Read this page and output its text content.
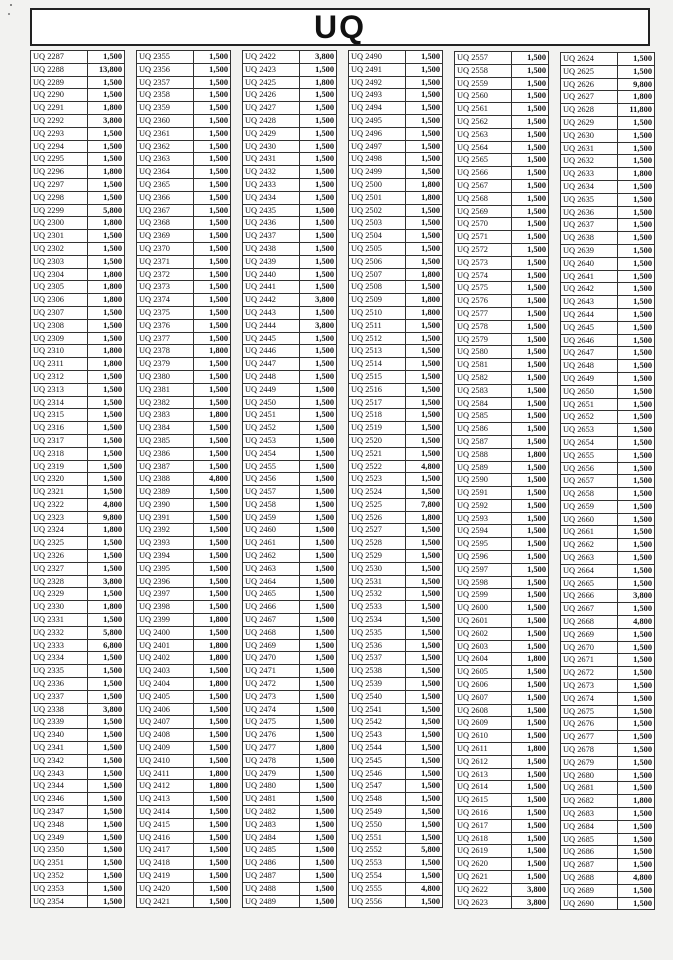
UQ
UQ 2287	1,500
UQ 2288	13,800
UQ 2289	1,500
UQ 2290	1,500
UQ 2291	1,800
UQ 2292	3,800
UQ 2293	1,500
UQ 2294	1,500
UQ 2295	1,500
UQ 2296	1,800
UQ 2297	1,500
UQ 2298	1,500
UQ 2299	5,800
UQ 2300	1,800
UQ 2301	1,500
UQ 2302	1,500
UQ 2303	1,500
UQ 2304	1,800
UQ 2305	1,800
UQ 2306	1,800
UQ 2307	1,500
UQ 2308	1,500
UQ 2309	1,500
UQ 2310	1,800
UQ 2311	1,800
UQ 2312	1,500
UQ 2313	1,500
UQ 2314	1,500
UQ 2315	1,500
UQ 2316	1,500
UQ 2317	1,500
UQ 2318	1,500
UQ 2319	1,500
UQ 2320	1,500
UQ 2321	1,500
UQ 2322	4,800
UQ 2323	9,800
UQ 2324	1,800
UQ 2325	1,500
UQ 2326	1,500
UQ 2327	1,500
UQ 2328	3,800
UQ 2329	1,500
UQ 2330	1,800
UQ 2331	1,500
UQ 2332	5,800
UQ 2333	6,800
UQ 2334	1,500
UQ 2335	1,500
UQ 2336	1,500
UQ 2337	1,500
UQ 2338	3,800
UQ 2339	1,500
UQ 2340	1,500
UQ 2341	1,500
UQ 2342	1,500
UQ 2343	1,500
UQ 2344	1,500
UQ 2346	1,500
UQ 2347	1,500
UQ 2348	1,500
UQ 2349	1,500
UQ 2350	1,500
UQ 2351	1,500
UQ 2352	1,500
UQ 2353	1,500
UQ 2354	1,500
UQ 2355	1,500
UQ 2356	1,500
UQ 2357	1,500
UQ 2358	1,500
UQ 2359	1,500
UQ 2360	1,500
UQ 2361	1,500
UQ 2362	1,500
UQ 2363	1,500
UQ 2364	1,500
UQ 2365	1,500
UQ 2366	1,500
UQ 2367	1,500
UQ 2368	1,500
UQ 2369	1,500
UQ 2370	1,500
UQ 2371	1,500
UQ 2372	1,500
UQ 2373	1,500
UQ 2374	1,500
UQ 2375	1,500
UQ 2376	1,500
UQ 2377	1,500
UQ 2378	1,800
UQ 2379	1,500
UQ 2380	1,500
UQ 2381	1,500
UQ 2382	1,500
UQ 2383	1,800
UQ 2384	1,500
UQ 2385	1,500
UQ 2386	1,500
UQ 2387	1,500
UQ 2388	4,800
UQ 2389	1,500
UQ 2390	1,500
UQ 2391	1,500
UQ 2392	1,500
UQ 2393	1,500
UQ 2394	1,500
UQ 2395	1,500
UQ 2396	1,500
UQ 2397	1,500
UQ 2398	1,500
UQ 2399	1,800
UQ 2400	1,500
UQ 2401	1,800
UQ 2402	1,800
UQ 2403	1,500
UQ 2404	1,800
UQ 2405	1,500
UQ 2406	1,500
UQ 2407	1,500
UQ 2408	1,500
UQ 2409	1,500
UQ 2410	1,500
UQ 2411	1,800
UQ 2412	1,800
UQ 2413	1,500
UQ 2414	1,500
UQ 2415	1,500
UQ 2416	1,500
UQ 2417	1,500
UQ 2418	1,500
UQ 2419	1,500
UQ 2420	1,500
UQ 2421	1,500
UQ 2422	3,800
UQ 2423	1,500
UQ 2425	1,800
UQ 2426	1,500
UQ 2427	1,500
UQ 2428	1,500
UQ 2429	1,500
UQ 2430	1,500
UQ 2431	1,500
UQ 2432	1,500
UQ 2433	1,500
UQ 2434	1,500
UQ 2435	1,500
UQ 2436	1,500
UQ 2437	1,500
UQ 2438	1,500
UQ 2439	1,500
UQ 2440	1,500
UQ 2441	1,500
UQ 2442	3,800
UQ 2443	1,500
UQ 2444	3,800
UQ 2445	1,500
UQ 2446	1,500
UQ 2447	1,500
UQ 2448	1,500
UQ 2449	1,500
UQ 2450	1,500
UQ 2451	1,500
UQ 2452	1,500
UQ 2453	1,500
UQ 2454	1,500
UQ 2455	1,500
UQ 2456	1,500
UQ 2457	1,500
UQ 2458	1,500
UQ 2459	1,500
UQ 2460	1,500
UQ 2461	1,500
UQ 2462	1,500
UQ 2463	1,500
UQ 2464	1,500
UQ 2465	1,500
UQ 2466	1,500
UQ 2467	1,500
UQ 2468	1,500
UQ 2469	1,500
UQ 2470	1,500
UQ 2471	1,500
UQ 2472	1,500
UQ 2473	1,500
UQ 2474	1,500
UQ 2475	1,500
UQ 2476	1,500
UQ 2477	1,800
UQ 2478	1,500
UQ 2479	1,500
UQ 2480	1,500
UQ 2481	1,500
UQ 2482	1,500
UQ 2483	1,500
UQ 2484	1,500
UQ 2485	1,500
UQ 2486	1,500
UQ 2487	1,500
UQ 2488	1,500
UQ 2489	1,500
UQ 2490	1,500
UQ 2491	1,500
UQ 2492	1,500
UQ 2493	1,500
UQ 2494	1,500
UQ 2495	1,500
UQ 2496	1,500
UQ 2497	1,500
UQ 2498	1,500
UQ 2499	1,500
UQ 2500	1,800
UQ 2501	1,800
UQ 2502	1,500
UQ 2503	1,500
UQ 2504	1,500
UQ 2505	1,500
UQ 2506	1,500
UQ 2507	1,800
UQ 2508	1,500
UQ 2509	1,800
UQ 2510	1,800
UQ 2511	1,500
UQ 2512	1,500
UQ 2513	1,500
UQ 2514	1,500
UQ 2515	1,500
UQ 2516	1,500
UQ 2517	1,500
UQ 2518	1,500
UQ 2519	1,500
UQ 2520	1,500
UQ 2521	1,500
UQ 2522	4,800
UQ 2523	1,500
UQ 2524	1,500
UQ 2525	7,800
UQ 2526	1,800
UQ 2527	1,500
UQ 2528	1,500
UQ 2529	1,500
UQ 2530	1,500
UQ 2531	1,500
UQ 2532	1,500
UQ 2533	1,500
UQ 2534	1,500
UQ 2535	1,500
UQ 2536	1,500
UQ 2537	1,500
UQ 2538	1,500
UQ 2539	1,500
UQ 2540	1,500
UQ 2541	1,500
UQ 2542	1,500
UQ 2543	1,500
UQ 2544	1,500
UQ 2545	1,500
UQ 2546	1,500
UQ 2547	1,500
UQ 2548	1,500
UQ 2549	1,500
UQ 2550	1,500
UQ 2551	1,500
UQ 2552	5,800
UQ 2553	1,500
UQ 2554	1,500
UQ 2555	4,800
UQ 2556	1,500
UQ 2557	1,500
UQ 2558	1,500
UQ 2559	1,500
UQ 2560	1,500
UQ 2561	1,500
UQ 2562	1,500
UQ 2563	1,500
UQ 2564	1,500
UQ 2565	1,500
UQ 2566	1,500
UQ 2567	1,500
UQ 2568	1,500
UQ 2569	1,500
UQ 2570	1,500
UQ 2571	1,500
UQ 2572	1,500
UQ 2573	1,500
UQ 2574	1,500
UQ 2575	1,500
UQ 2576	1,500
UQ 2577	1,500
UQ 2578	1,500
UQ 2579	1,500
UQ 2580	1,500
UQ 2581	1,500
UQ 2582	1,500
UQ 2583	1,500
UQ 2584	1,500
UQ 2585	1,500
UQ 2586	1,500
UQ 2587	1,500
UQ 2588	1,800
UQ 2589	1,500
UQ 2590	1,500
UQ 2591	1,500
UQ 2592	1,500
UQ 2593	1,500
UQ 2594	1,500
UQ 2595	1,500
UQ 2596	1,500
UQ 2597	1,500
UQ 2598	1,500
UQ 2599	1,500
UQ 2600	1,500
UQ 2601	1,500
UQ 2602	1,500
UQ 2603	1,500
UQ 2604	1,800
UQ 2605	1,500
UQ 2606	1,500
UQ 2607	1,500
UQ 2608	1,500
UQ 2609	1,500
UQ 2610	1,500
UQ 2611	1,800
UQ 2612	1,500
UQ 2613	1,500
UQ 2614	1,500
UQ 2615	1,500
UQ 2616	1,500
UQ 2617	1,500
UQ 2618	1,500
UQ 2619	1,500
UQ 2620	1,500
UQ 2621	1,500
UQ 2622	3,800
UQ 2623	3,800
UQ 2624	1,500
UQ 2625	1,500
UQ 2626	9,800
UQ 2627	1,800
UQ 2628	11,800
UQ 2629	1,500
UQ 2630	1,500
UQ 2631	1,500
UQ 2632	1,500
UQ 2633	1,800
UQ 2634	1,500
UQ 2635	1,500
UQ 2636	1,500
UQ 2637	1,500
UQ 2638	1,500
UQ 2639	1,500
UQ 2640	1,500
UQ 2641	1,500
UQ 2642	1,500
UQ 2643	1,500
UQ 2644	1,500
UQ 2645	1,500
UQ 2646	1,500
UQ 2647	1,500
UQ 2648	1,500
UQ 2649	1,500
UQ 2650	1,500
UQ 2651	1,500
UQ 2652	1,500
UQ 2653	1,500
UQ 2654	1,500
UQ 2655	1,500
UQ 2656	1,500
UQ 2657	1,500
UQ 2658	1,500
UQ 2659	1,500
UQ 2660	1,500
UQ 2661	1,500
UQ 2662	1,500
UQ 2663	1,500
UQ 2664	1,500
UQ 2665	1,500
UQ 2666	3,800
UQ 2667	1,500
UQ 2668	4,800
UQ 2669	1,500
UQ 2670	1,500
UQ 2671	1,500
UQ 2672	1,500
UQ 2673	1,500
UQ 2674	1,500
UQ 2675	1,500
UQ 2676	1,500
UQ 2677	1,500
UQ 2678	1,500
UQ 2679	1,500
UQ 2680	1,500
UQ 2681	1,500
UQ 2682	1,800
UQ 2683	1,500
UQ 2684	1,500
UQ 2685	1,500
UQ 2686	1,500
UQ 2687	1,500
UQ 2688	4,800
UQ 2689	1,500
UQ 2690	1,500
